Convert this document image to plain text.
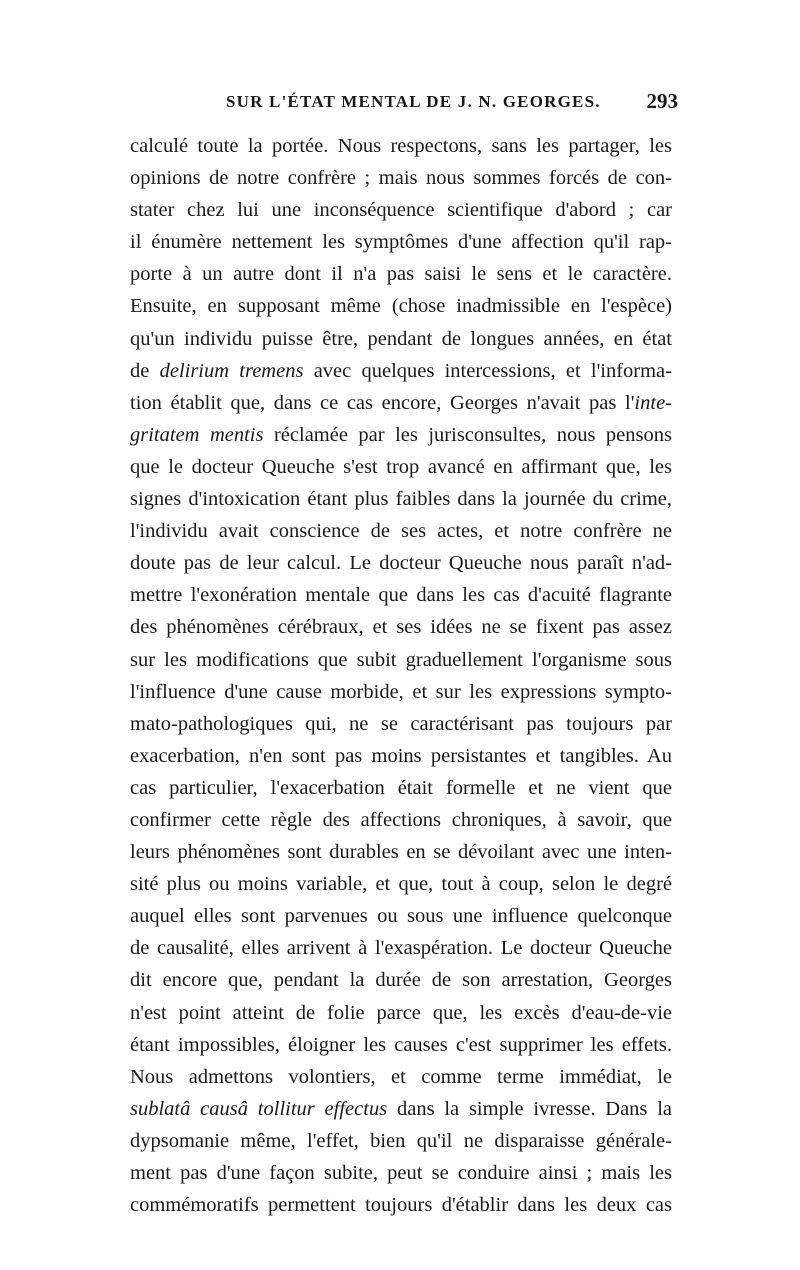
SUR L'ÉTAT MENTAL DE J. N. GEORGES. 293
calculé toute la portée. Nous respectons, sans les partager, les
opinions de notre confrère ; mais nous sommes forcés de con-
stater chez lui une inconséquence scientifique d'abord ; car
il énumère nettement les symptômes d'une affection qu'il rap-
porte à un autre dont il n'a pas saisi le sens et le caractère.
Ensuite, en supposant même (chose inadmissible en l'espèce)
qu'un individu puisse être, pendant de longues années, en état
de delirium tremens avec quelques intercessions, et l'informa-
tion établit que, dans ce cas encore, Georges n'avait pas l'inte-
gritatem mentis réclamée par les jurisconsultes, nous pensons
que le docteur Queuche s'est trop avancé en affirmant que, les
signes d'intoxication étant plus faibles dans la journée du crime,
l'individu avait conscience de ses actes, et notre confrère ne
doute pas de leur calcul. Le docteur Queuche nous paraît n'ad-
mettre l'exonération mentale que dans les cas d'acuité flagrante
des phénomènes cérébraux, et ses idées ne se fixent pas assez
sur les modifications que subit graduellement l'organisme sous
l'influence d'une cause morbide, et sur les expressions sympto-
mato-pathologiques qui, ne se caractérisant pas toujours par
exacerbation, n'en sont pas moins persistantes et tangibles. Au
cas particulier, l'exacerbation était formelle et ne vient que
confirmer cette règle des affections chroniques, à savoir, que
leurs phénomènes sont durables en se dévoilant avec une inten-
sité plus ou moins variable, et que, tout à coup, selon le degré
auquel elles sont parvenues ou sous une influence quelconque
de causalité, elles arrivent à l'exaspération. Le docteur Queuche
dit encore que, pendant la durée de son arrestation, Georges
n'est point atteint de folie parce que, les excès d'eau-de-vie
étant impossibles, éloigner les causes c'est supprimer les effets.
Nous admettons volontiers, et comme terme immédiat, le
sublatâ causâ tollitur effectus dans la simple ivresse. Dans la
dypsomanie même, l'effet, bien qu'il ne disparaisse générale-
ment pas d'une façon subite, peut se conduire ainsi ; mais les
commémoratifs permettent toujours d'établir dans les deux cas
